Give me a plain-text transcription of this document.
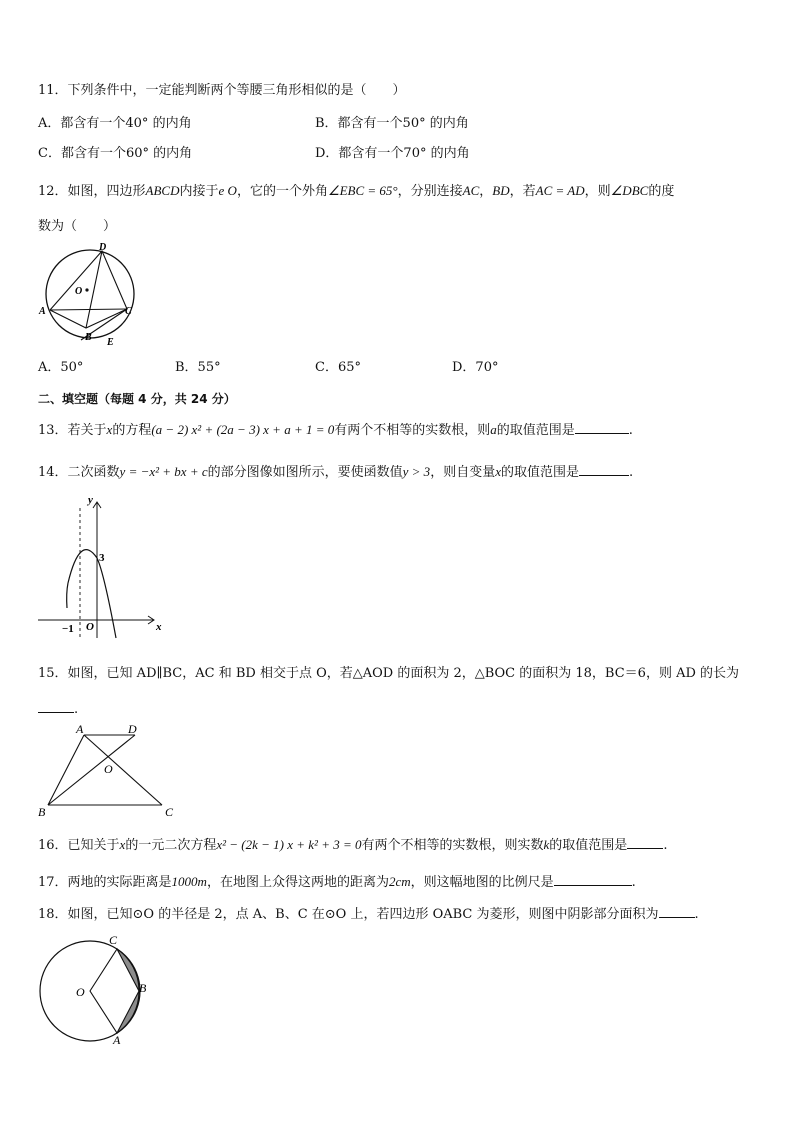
11．下列条件中，一定能判断两个等腰三角形相似的是（　　）
A．都含有一个40° 的内角	B．都含有一个50° 的内角
C．都含有一个60° 的内角	D．都含有一个70° 的内角
12．如图，四边形ABCD内接于e O，它的一个外角∠EBC = 65°，分别连接AC，BD，若AC = AD，则∠DBC的度
数为（　　）
D
O
A	C
B E
A．50°	B．55°	C．65°	D．70°
二、填空题（每题 4 分，共 24 分）
13．若关于x的方程(a − 2) x² + (2a − 3) x + a + 1 = 0有两个不相等的实数根，则a的取值范围是	.
14．二次函数y = −x² + bx + c的部分图像如图所示，要使函数值y > 3，则自变量x的取值范围是	.
y
3
−1 O	x
15．如图，已知 AD∥BC，AC 和 BD 相交于点 O，若△AOD 的面积为 2，△BOC 的面积为 18，BC＝6，则 AD 的长为
.
A	D
O
B	C
16．已知关于x的一元二次方程x² − (2k − 1) x + k² + 3 = 0有两个不相等的实数根，则实数k的取值范围是	.
17．两地的实际距离是1000m，在地图上众得这两地的距离为2cm，则这幅地图的比例尺是	.
18．如图，已知⊙O 的半径是 2，点 A、B、C 在⊙O 上，若四边形 OABC 为菱形，则图中阴影部分面积为	.
C
O	B
A
